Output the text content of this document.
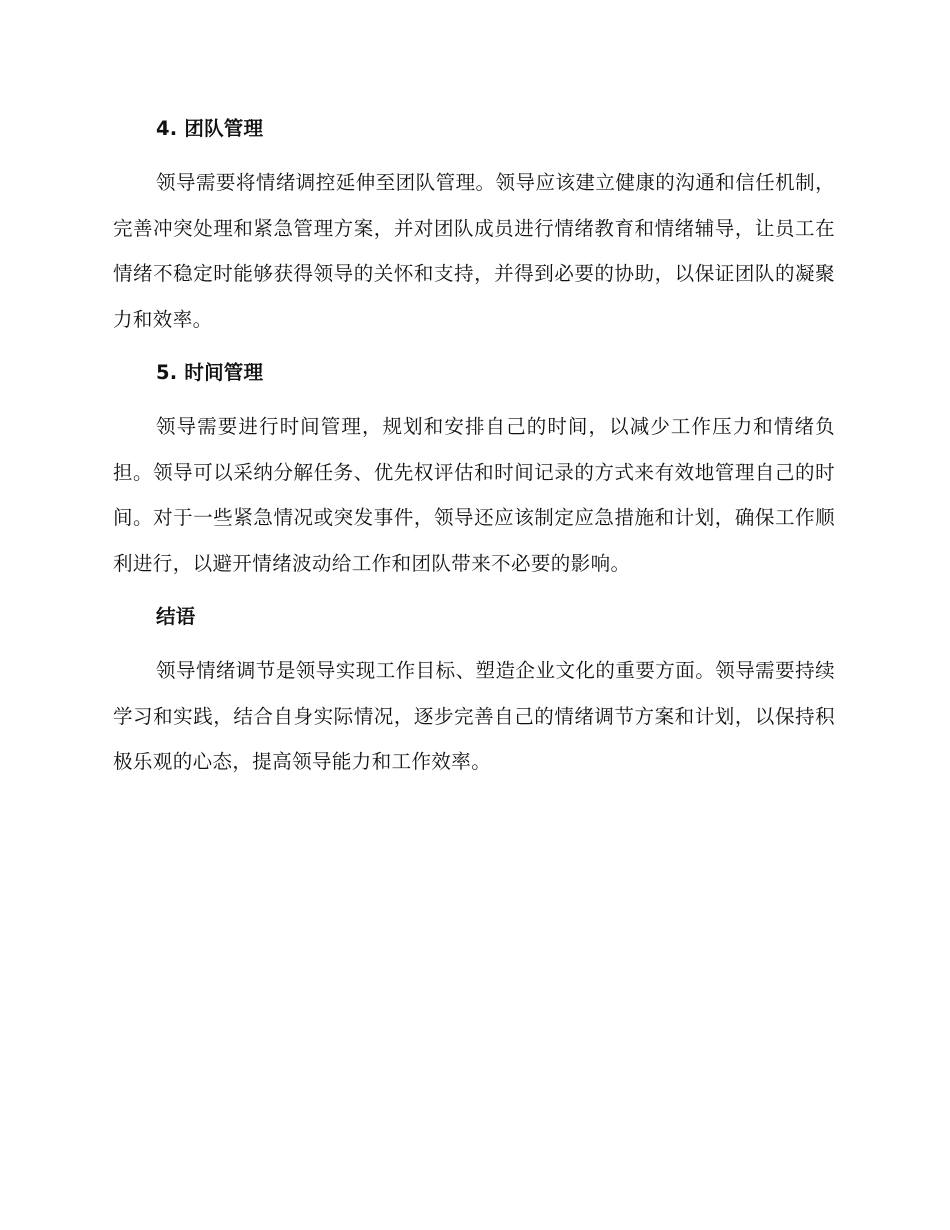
4. 团队管理

领导需要将情绪调控延伸至团队管理。领导应该建立健康的沟通和信任机制，完善冲突处理和紧急管理方案，并对团队成员进行情绪教育和情绪辅导，让员工在情绪不稳定时能够获得领导的关怀和支持，并得到必要的协助，以保证团队的凝聚力和效率。

5. 时间管理

领导需要进行时间管理，规划和安排自己的时间，以减少工作压力和情绪负担。领导可以采纳分解任务、优先权评估和时间记录的方式来有效地管理自己的时间。对于一些紧急情况或突发事件，领导还应该制定应急措施和计划，确保工作顺利进行，以避开情绪波动给工作和团队带来不必要的影响。

结语

领导情绪调节是领导实现工作目标、塑造企业文化的重要方面。领导需要持续学习和实践，结合自身实际情况，逐步完善自己的情绪调节方案和计划，以保持积极乐观的心态，提高领导能力和工作效率。
